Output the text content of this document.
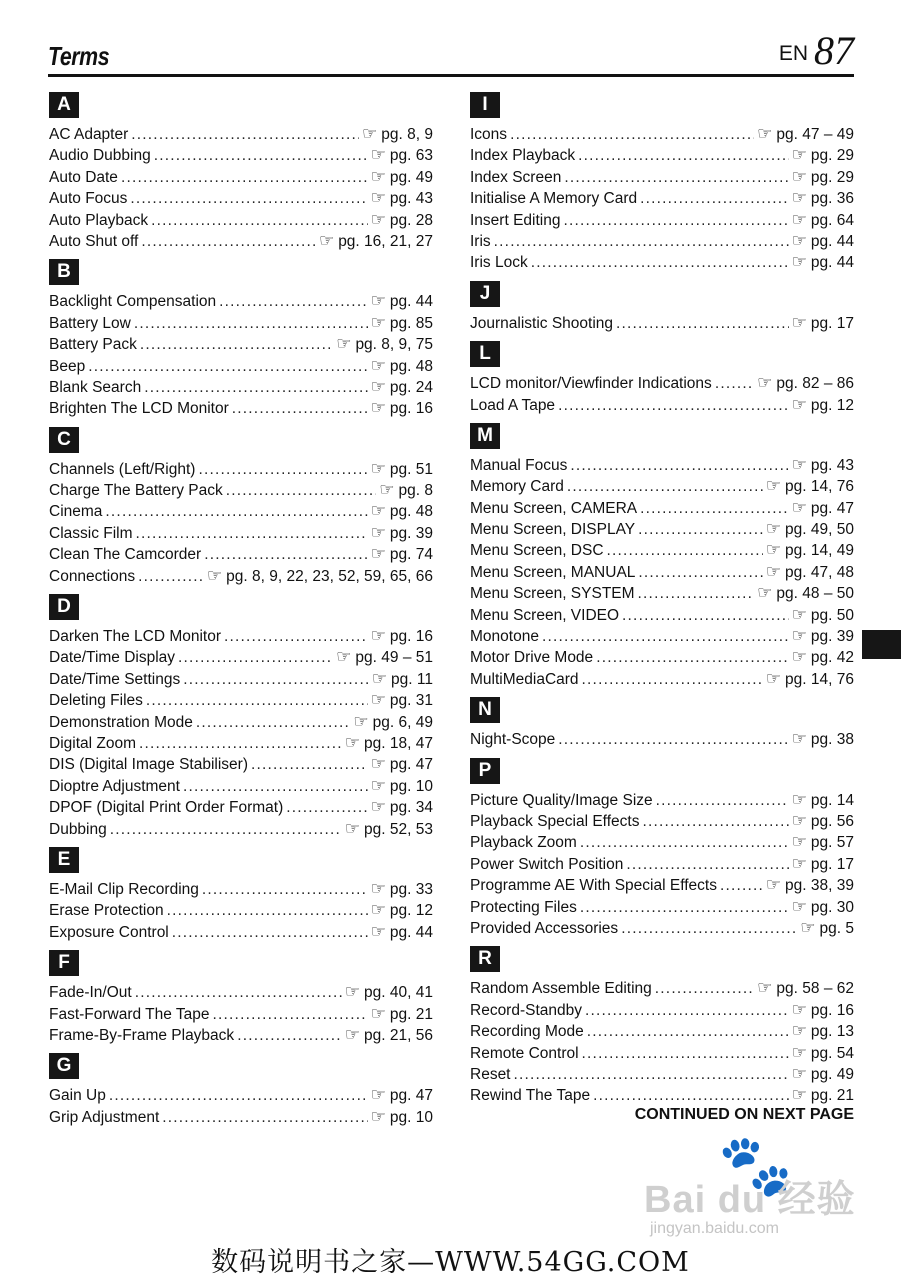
Terms	EN 87
A
AC Adapter .....	☞ pg. 8, 9
Audio Dubbing .....	☞ pg. 63
Auto Date .....	☞ pg. 49
Auto Focus .....	☞ pg. 43
Auto Playback .....	☞ pg. 28
Auto Shut off .....	☞ pg. 16, 21, 27
B
Backlight Compensation .....	☞ pg. 44
Battery Low .....	☞ pg. 85
Battery Pack .....	☞ pg. 8, 9, 75
Beep .....	☞ pg. 48
Blank Search .....	☞ pg. 24
Brighten The LCD Monitor .....	☞ pg. 16
C
Channels (Left/Right) .....	☞ pg. 51
Charge The Battery Pack .....	☞ pg. 8
Cinema .....	☞ pg. 48
Classic Film .....	☞ pg. 39
Clean The Camcorder .....	☞ pg. 74
Connections .....	☞ pg. 8, 9, 22, 23, 52, 59, 65, 66
D
Darken The LCD Monitor .....	☞ pg. 16
Date/Time Display .....	☞ pg. 49 – 51
Date/Time Settings .....	☞ pg. 11
Deleting Files .....	☞ pg. 31
Demonstration Mode .....	☞ pg. 6, 49
Digital Zoom .....	☞ pg. 18, 47
DIS (Digital Image Stabiliser) .....	☞ pg. 47
Dioptre Adjustment .....	☞ pg. 10
DPOF (Digital Print Order Format) .....	☞ pg. 34
Dubbing .....	☞ pg. 52, 53
E
E-Mail Clip Recording .....	☞ pg. 33
Erase Protection .....	☞ pg. 12
Exposure Control .....	☞ pg. 44
F
Fade-In/Out .....	☞ pg. 40, 41
Fast-Forward The Tape .....	☞ pg. 21
Frame-By-Frame Playback .....	☞ pg. 21, 56
G
Gain Up .....	☞ pg. 47
Grip Adjustment .....	☞ pg. 10
I
Icons .....	☞ pg. 47 – 49
Index Playback .....	☞ pg. 29
Index Screen .....	☞ pg. 29
Initialise A Memory Card .....	☞ pg. 36
Insert Editing .....	☞ pg. 64
Iris .....	☞ pg. 44
Iris Lock .....	☞ pg. 44
J
Journalistic Shooting .....	☞ pg. 17
L
LCD monitor/Viewfinder Indications .....	☞ pg. 82 – 86
Load A Tape .....	☞ pg. 12
M
Manual Focus .....	☞ pg. 43
Memory Card .....	☞ pg. 14, 76
Menu Screen, CAMERA .....	☞ pg. 47
Menu Screen, DISPLAY .....	☞ pg. 49, 50
Menu Screen, DSC .....	☞ pg. 14, 49
Menu Screen, MANUAL .....	☞ pg. 47, 48
Menu Screen, SYSTEM .....	☞ pg. 48 – 50
Menu Screen, VIDEO .....	☞ pg. 50
Monotone .....	☞ pg. 39
Motor Drive Mode .....	☞ pg. 42
MultiMediaCard .....	☞ pg. 14, 76
N
Night-Scope .....	☞ pg. 38
P
Picture Quality/Image Size .....	☞ pg. 14
Playback Special Effects .....	☞ pg. 56
Playback Zoom .....	☞ pg. 57
Power Switch Position .....	☞ pg. 17
Programme AE With Special Effects .....	☞ pg. 38, 39
Protecting Files .....	☞ pg. 30
Provided Accessories .....	☞ pg. 5
R
Random Assemble Editing .....	☞ pg. 58 – 62
Record-Standby .....	☞ pg. 16
Recording Mode .....	☞ pg. 13
Remote Control .....	☞ pg. 54
Reset .....	☞ pg. 49
Rewind The Tape .....	☞ pg. 21
CONTINUED ON NEXT PAGE
🐾
Bai du 经验
jingyan.baidu.com
数码说明书之家—WWW.54GG.COM
